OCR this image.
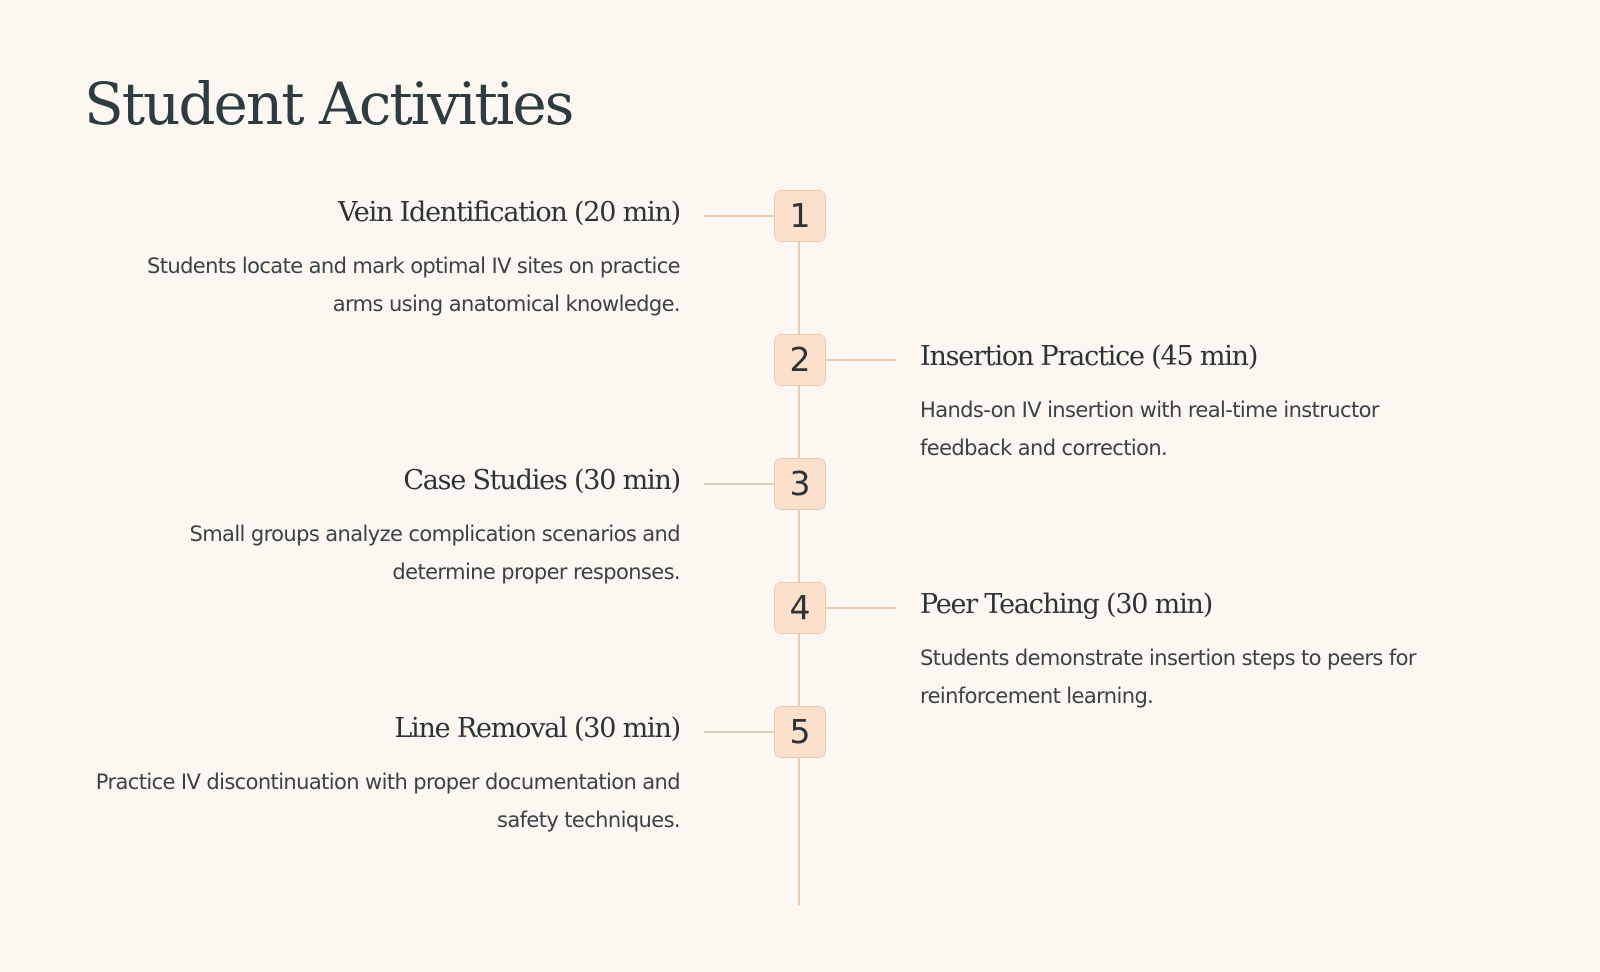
Student Activities
1
Vein Identification (20 min)

Students locate and mark optimal IV sites on practice arms using anatomical knowledge.

2	Insertion Practice (45 min)

Hands-on IV insertion with real-time instructor feedback and correction.

3
Case Studies (30 min)

Small groups analyze complication scenarios and determine proper responses.

4	Peer Teaching (30 min)

Students demonstrate insertion steps to peers for reinforcement learning.

5
Line Removal (30 min)

Practice IV discontinuation with proper documentation and safety techniques.
